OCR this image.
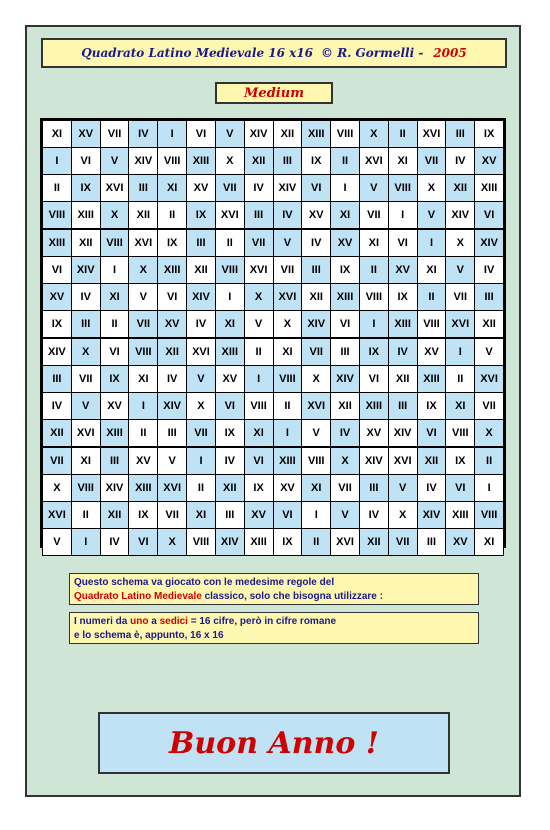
Quadrato Latino Medievale 16 x16 © R. Gormelli - 2005
Medium
XI	XV	VII	IV	I	VI	V	XIV	XII	XIII	VIII	X	II	XVI	III	IX
I	VI	V	XIV	VIII	XIII	X	XII	III	IX	II	XVI	XI	VII	IV	XV
II	IX	XVI	III	XI	XV	VII	IV	XIV	VI	I	V	VIII	X	XII	XIII
VIII	XIII	X	XII	II	IX	XVI	III	IV	XV	XI	VII	I	V	XIV	VI
XIII	XII	VIII	XVI	IX	III	II	VII	V	IV	XV	XI	VI	I	X	XIV
VI	XIV	I	X	XIII	XII	VIII	XVI	VII	III	IX	II	XV	XI	V	IV
XV	IV	XI	V	VI	XIV	I	X	XVI	XII	XIII	VIII	IX	II	VII	III
IX	III	II	VII	XV	IV	XI	V	X	XIV	VI	I	XIII	VIII	XVI	XII
XIV	X	VI	VIII	XII	XVI	XIII	II	XI	VII	III	IX	IV	XV	I	V
III	VII	IX	XI	IV	V	XV	I	VIII	X	XIV	VI	XII	XIII	II	XVI
IV	V	XV	I	XIV	X	VI	VIII	II	XVI	XII	XIII	III	IX	XI	VII
XII	XVI	XIII	II	III	VII	IX	XI	I	V	IV	XV	XIV	VI	VIII	X
VII	XI	III	XV	V	I	IV	VI	XIII	VIII	X	XIV	XVI	XII	IX	II
X	VIII	XIV	XIII	XVI	II	XII	IX	XV	XI	VII	III	V	IV	VI	I
XVI	II	XII	IX	VII	XI	III	XV	VI	I	V	IV	X	XIV	XIII	VIII
V	I	IV	VI	X	VIII	XIV	XIII	IX	II	XVI	XII	VII	III	XV	XI
Questo schema va giocato con le medesime regole del
Quadrato Latino Medievale classico, solo che bisogna utilizzare :
I numeri da uno a sedici = 16 cifre, però in cifre romane
e lo schema è, appunto, 16 x 16
Buon Anno !
